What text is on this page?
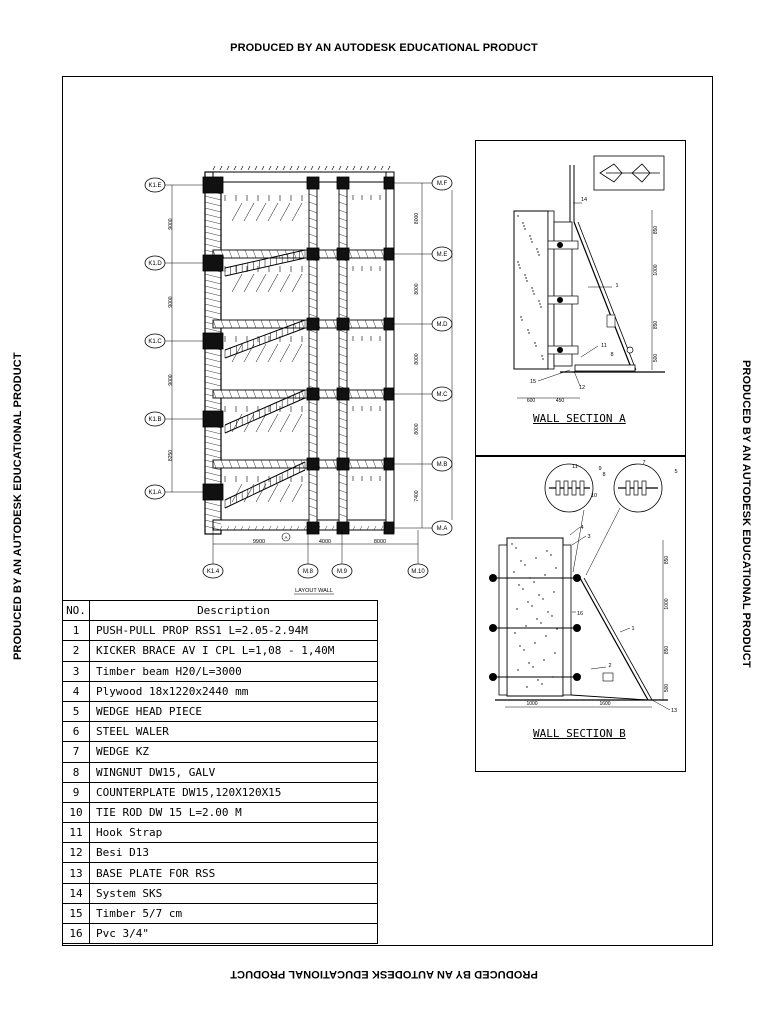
PRODUCED BY AN AUTODESK EDUCATIONAL PRODUCT
PRODUCED BY AN AUTODESK EDUCATIONAL PRODUCT
PRODUCED BY AN AUTODESK EDUCATIONAL PRODUCT	PRODUCED BY AN AUTODESK EDUCATIONAL PRODUCT
K1.E
K1.D
K1.C
K1.B
K1.A
9000
9000
9000
8250
M.F
M.E
M.D
M.C
M.B
M.A
8000
8000
8000
8000
7400
K1.4	M.8	M.9	M.10
9900	4000	8000
A
LAYOUT WALL
850
1000
850
500
600	450
14
1
11
8
15
12
850
1000
850
500
1000	1600
4
3
16
1
2
13
11	9
8
10
7
5
WALL SECTION A
WALL SECTION B
NO.	Description
1	PUSH-PULL PROP RSS1 L=2.05-2.94M
2	KICKER BRACE AV I CPL L=1,08 - 1,40M
3	Timber beam H20/L=3000
4	Plywood 18x1220x2440 mm
5	WEDGE HEAD PIECE
6	STEEL WALER
7	WEDGE KZ
8	WINGNUT DW15, GALV
9	COUNTERPLATE DW15,120X120X15
10	TIE ROD DW 15 L=2.00 M
11	Hook Strap
12	Besi D13
13	BASE PLATE FOR RSS
14	System SKS
15	Timber 5/7 cm
16	Pvc 3/4"
